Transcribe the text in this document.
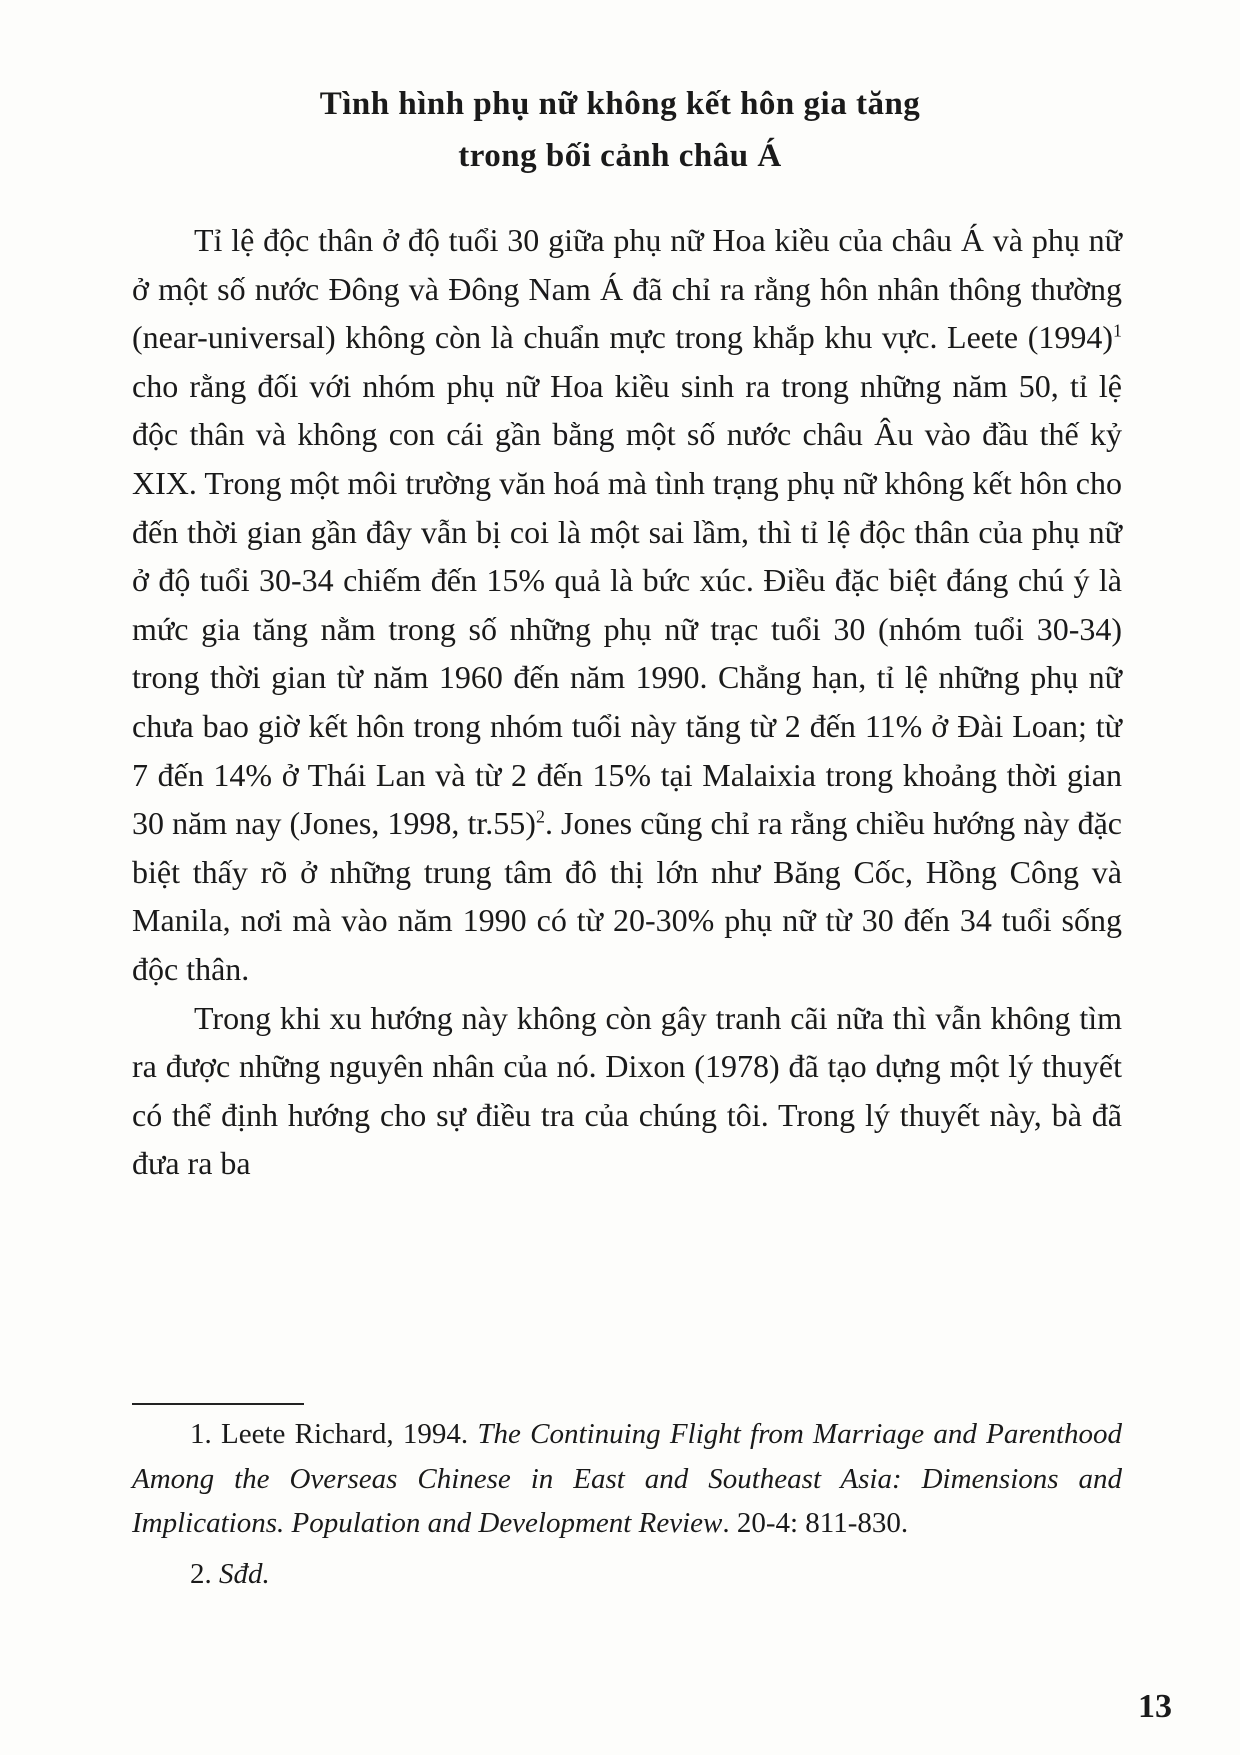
Tình hình phụ nữ không kết hôn gia tăng
trong bối cảnh châu Á

Tỉ lệ độc thân ở độ tuổi 30 giữa phụ nữ Hoa kiều của châu Á và phụ nữ ở một số nước Đông và Đông Nam Á đã chỉ ra rằng hôn nhân thông thường (near-universal) không còn là chuẩn mực trong khắp khu vực. Leete $(1994)^1$ cho rằng đối với nhóm phụ nữ Hoa kiều sinh ra trong những năm 50, tỉ lệ độc thân và không con cái gần bằng một số nước châu Âu vào đầu thế kỷ XIX. Trong một môi trường văn hoá mà tình trạng phụ nữ không kết hôn cho đến thời gian gần đây vẫn bị coi là một sai lầm, thì tỉ lệ độc thân của phụ nữ ở độ tuổi 30-34 chiếm đến 15% quả là bức xúc. Điều đặc biệt đáng chú ý là mức gia tăng nằm trong số những phụ nữ trạc tuổi 30 (nhóm tuổi 30-34) trong thời gian từ năm 1960 đến năm 1990. Chẳng hạn, tỉ lệ những phụ nữ chưa bao giờ kết hôn trong nhóm tuổi này tăng từ 2 đến 11% ở Đài Loan; từ 7 đến 14% ở Thái Lan và từ 2 đến 15% tại Malaixia trong khoảng thời gian 30 năm nay (Jones, 1998, tr.55)$^2$. Jones cũng chỉ ra rằng chiều hướng này đặc biệt thấy rõ ở những trung tâm đô thị lớn như Băng Cốc, Hồng Công và Manila, nơi mà vào năm 1990 có từ 20-30% phụ nữ từ 30 đến 34 tuổi sống độc thân.

Trong khi xu hướng này không còn gây tranh cãi nữa thì vẫn không tìm ra được những nguyên nhân của nó. Dixon (1978) đã tạo dựng một lý thuyết có thể định hướng cho sự điều tra của chúng tôi. Trong lý thuyết này, bà đã đưa ra ba

1. Leete Richard, 1994. The Continuing Flight from Marriage and Parenthood Among the Overseas Chinese in East and Southeast Asia: Dimensions and Implications. Population and Development Review. 20-4: 811-830.

2. Sđd.

13
